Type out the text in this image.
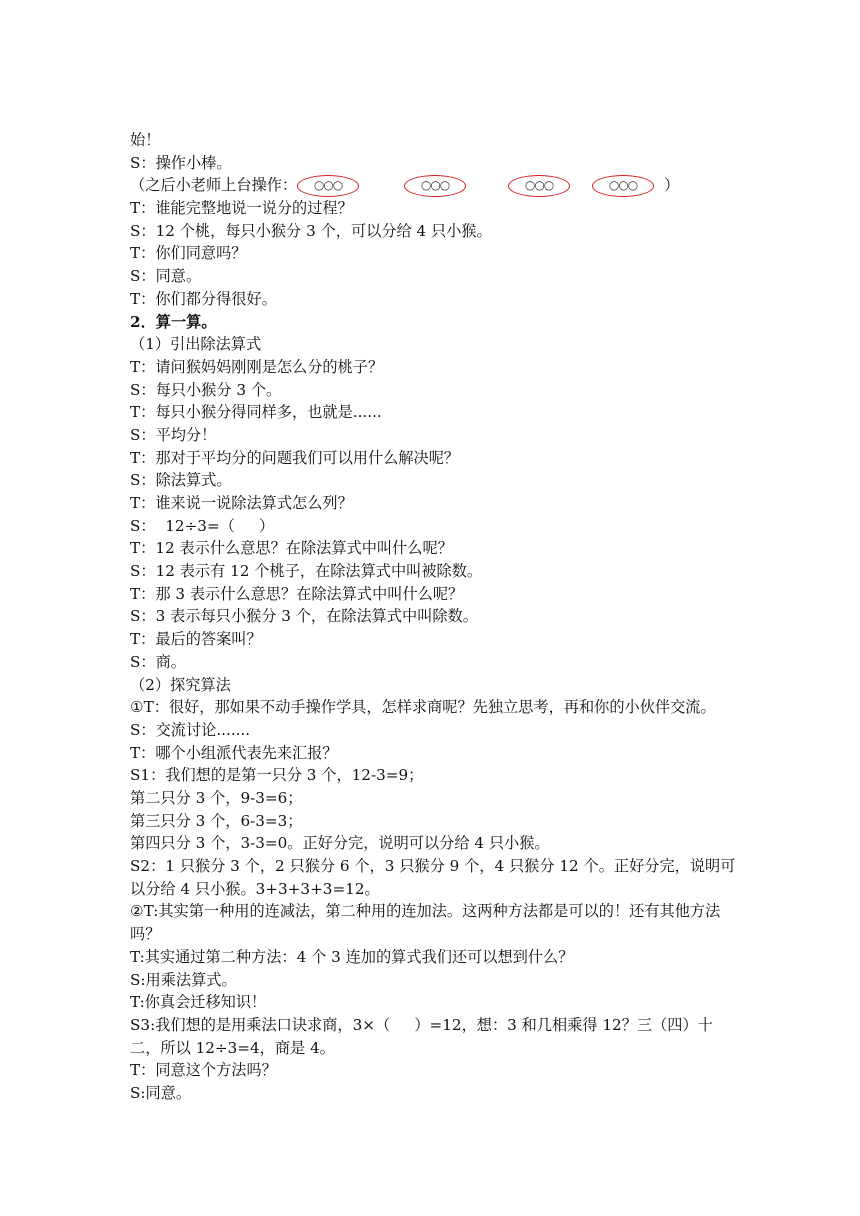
始！
S：操作小棒。
（之后小老师上台操作：	○○○	○○○	○○○	○○○	）
T：谁能完整地说一说分的过程？
S：12 个桃，每只小猴分 3 个，可以分给 4 只小猴。
T：你们同意吗？
S：同意。
T：你们都分得很好。
2．算一算。
（1）引出除法算式
T：请问猴妈妈刚刚是怎么分的桃子？
S：每只小猴分 3 个。
T：每只小猴分得同样多，也就是......
S：平均分！
T：那对于平均分的问题我们可以用什么解决呢？
S：除法算式。
T：谁来说一说除法算式怎么列？
S：  12÷3=（     ）
T：12 表示什么意思？在除法算式中叫什么呢？
S：12 表示有 12 个桃子，在除法算式中叫被除数。
T：那 3 表示什么意思？在除法算式中叫什么呢？
S：3 表示每只小猴分 3 个，在除法算式中叫除数。
T：最后的答案叫？
S：商。
（2）探究算法
①T：很好，那如果不动手操作学具，怎样求商呢？先独立思考，再和你的小伙伴交流。
S：交流讨论.......
T：哪个小组派代表先来汇报？
S1：我们想的是第一只分 3 个，12-3=9；
第二只分 3 个，9-3=6；
第三只分 3 个，6-3=3；
第四只分 3 个，3-3=0。正好分完，说明可以分给 4 只小猴。
S2：1 只猴分 3 个，2 只猴分 6 个，3 只猴分 9 个，4 只猴分 12 个。正好分完，说明可以分给 4 只小猴。3+3+3+3=12。
②T:其实第一种用的连减法，第二种用的连加法。这两种方法都是可以的！还有其他方法吗？
T:其实通过第二种方法：4 个 3 连加的算式我们还可以想到什么？
S:用乘法算式。
T:你真会迁移知识！
S3:我们想的是用乘法口诀求商，3×（     ）=12，想：3 和几相乘得 12？三（四）十二，所以 12÷3=4，商是 4。
T：同意这个方法吗？
S:同意。
